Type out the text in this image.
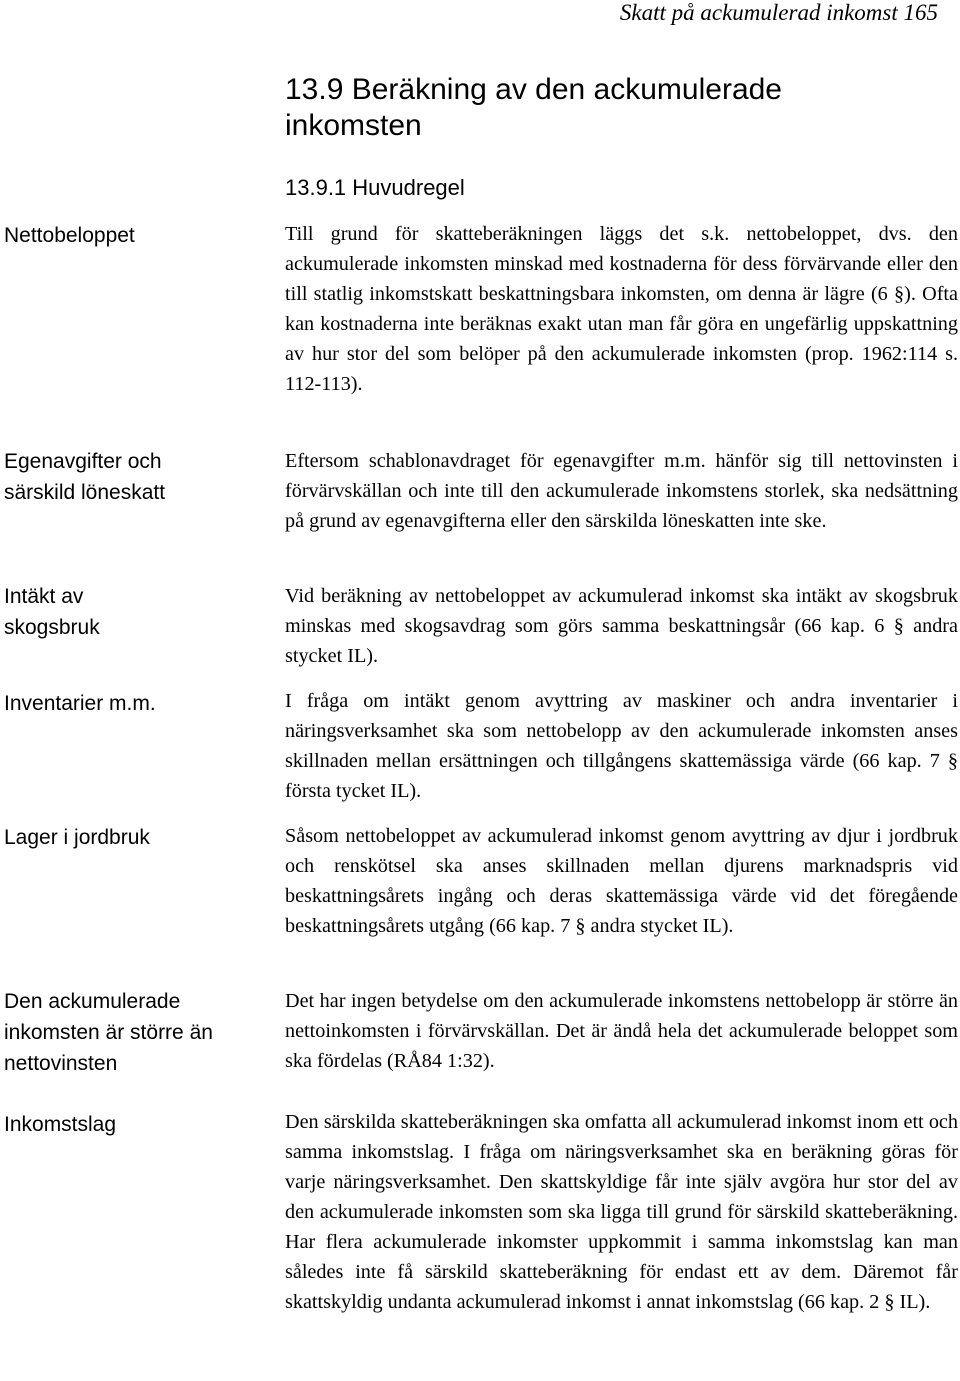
Skatt på ackumulerad inkomst 165
13.9 Beräkning av den ackumulerade inkomsten
13.9.1 Huvudregel
Nettobeloppet
Egenavgifter och särskild löneskatt
Intäkt av skogsbruk
Inventarier m.m.
Lager i jordbruk
Den ackumulerade inkomsten är större än nettovinsten
Inkomstslag

Till grund för skatteberäkningen läggs det s.k. nettobeloppet, dvs. den ackumulerade inkomsten minskad med kostnaderna för dess förvärvande eller den till statlig inkomstskatt beskattningsbara inkomsten, om denna är lägre (6 §). Ofta kan kostnaderna inte beräknas exakt utan man får göra en ungefärlig uppskattning av hur stor del som belöper på den ackumulerade inkomsten (prop. 1962:114 s. 112-113).

Eftersom schablonavdraget för egenavgifter m.m. hänför sig till nettovinsten i förvärvskällan och inte till den ackumulerade inkomstens storlek, ska nedsättning på grund av egenavgifterna eller den särskilda löneskatten inte ske.

Vid beräkning av nettobeloppet av ackumulerad inkomst ska intäkt av skogsbruk minskas med skogsavdrag som görs samma beskattningsår (66 kap. 6 § andra stycket IL).

I fråga om intäkt genom avyttring av maskiner och andra inventarier i näringsverksamhet ska som nettobelopp av den ackumulerade inkomsten anses skillnaden mellan ersättningen och tillgångens skattemässiga värde (66 kap. 7 § första tycket IL).

Såsom nettobeloppet av ackumulerad inkomst genom avyttring av djur i jordbruk och renskötsel ska anses skillnaden mellan djurens marknadspris vid beskattningsårets ingång och deras skattemässiga värde vid det föregående beskattningsårets utgång (66 kap. 7 § andra stycket IL).

Det har ingen betydelse om den ackumulerade inkomstens nettobelopp är större än nettoinkomsten i förvärvskällan. Det är ändå hela det ackumulerade beloppet som ska fördelas (RÅ84 1:32).

Den särskilda skatteberäkningen ska omfatta all ackumulerad inkomst inom ett och samma inkomstslag. I fråga om näringsverksamhet ska en beräkning göras för varje näringsverksamhet. Den skattskyldige får inte själv avgöra hur stor del av den ackumulerade inkomsten som ska ligga till grund för särskild skatteberäkning. Har flera ackumulerade inkomster uppkommit i samma inkomstslag kan man således inte få särskild skatteberäkning för endast ett av dem. Däremot får skattskyldig undanta ackumulerad inkomst i annat inkomstslag (66 kap. 2 § IL).
